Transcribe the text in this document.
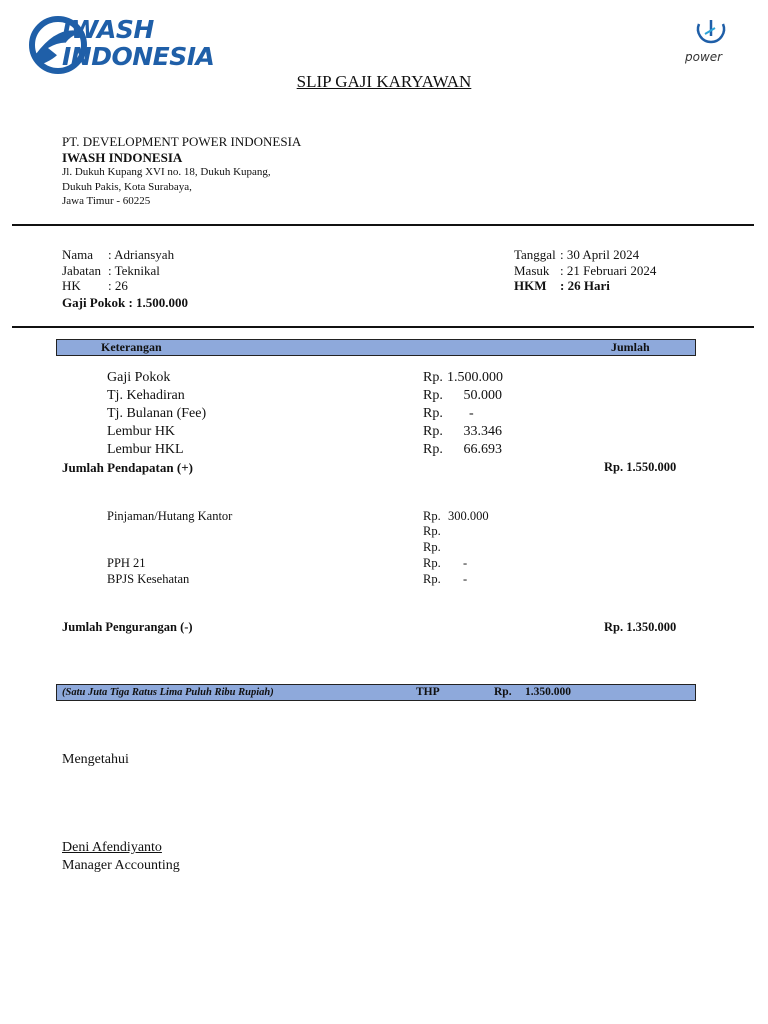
IWASH
INDONESIA	power
SLIP GAJI KARYAWAN
PT. DEVELOPMENT POWER INDONESIA
IWASH INDONESIA
Jl. Dukuh Kupang XVI no. 18, Dukuh Kupang,
Dukuh Pakis, Kota Surabaya,
Jawa Timur - 60225
Nama : Adriansyah
Jabatan : Teknikal
HK : 26
Gaji Pokok : 1.500.000
Tanggal : 30 April 2024
Masuk : 21 Februari 2024
HKM : 26 Hari
Keterangan	Jumlah
Gaji Pokok	Rp. 1.500.000
Tj. Kehadiran	Rp.	50.000
Tj. Bulanan (Fee)	Rp. -
Lembur HK	Rp.	33.346
Lembur HKL	Rp.	66.693
Jumlah Pendapatan (+)	Rp. 1.550.000
Pinjaman/Hutang Kantor	Rp. 300.000
Rp.
Rp.
PPH 21	Rp. -
BPJS Kesehatan	Rp. -
Jumlah Pengurangan (-)	Rp. 1.350.000
(Satu Juta Tiga Ratus Lima Puluh Ribu Rupiah)	THP	Rp. 1.350.000
Mengetahui
Deni Afendiyanto
Manager Accounting
